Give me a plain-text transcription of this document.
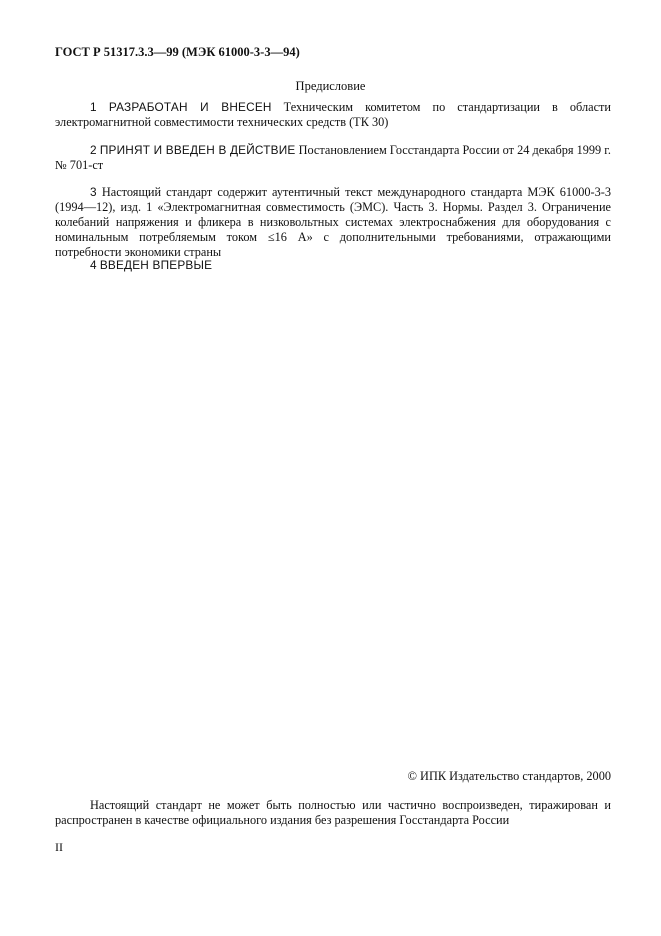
ГОСТ Р 51317.3.3—99 (МЭК 61000-3-3—94)
Предисловие
1 РАЗРАБОТАН И ВНЕСЕН Техническим комитетом по стандартизации в области электромагнитной совместимости технических средств (ТК 30)
2 ПРИНЯТ И ВВЕДЕН В ДЕЙСТВИЕ Постановлением Госстандарта России от 24 декабря 1999 г. № 701-ст
3 Настоящий стандарт содержит аутентичный текст международного стандарта МЭК 61000-3-3 (1994—12), изд. 1 «Электромагнитная совместимость (ЭМС). Часть 3. Нормы. Раздел 3. Ограничение колебаний напряжения и фликера в низковольтных системах электроснабжения для оборудования с номинальным потребляемым током ≤16 А» с дополнительными требованиями, отражающими потребности экономики страны
4 ВВЕДЕН ВПЕРВЫЕ
© ИПК Издательство стандартов, 2000
Настоящий стандарт не может быть полностью или частично воспроизведен, тиражирован и распространен в качестве официального издания без разрешения Госстандарта России
II
